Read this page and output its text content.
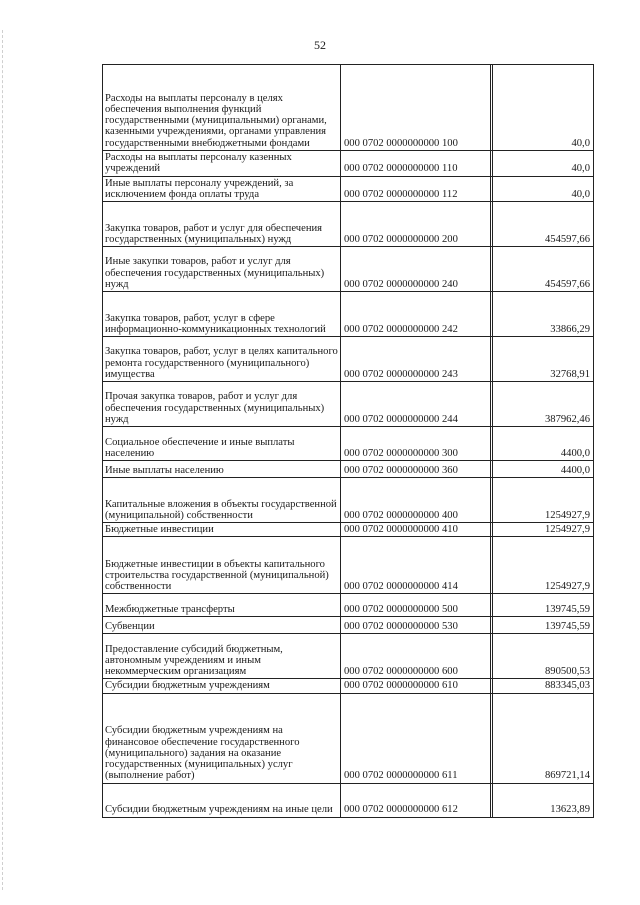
52
Расходы на выплаты персоналу в целях обеспечения выполнения функций государственными (муниципальными) органами, казенными учреждениями, органами управления государственными внебюджетными фондами	000 0702 0000000000 100		40,0
Расходы на выплаты персоналу казенных учреждений	000 0702 0000000000 110		40,0
Иные выплаты персоналу учреждений, за исключением фонда оплаты труда	000 0702 0000000000 112		40,0
Закупка товаров, работ и услуг для обеспечения государственных (муниципальных) нужд	000 0702 0000000000 200		454597,66
Иные закупки товаров, работ и услуг для обеспечения государственных (муниципальных) нужд	000 0702 0000000000 240		454597,66
Закупка товаров, работ, услуг в сфере информационно-коммуникационных технологий	000 0702 0000000000 242		33866,29
Закупка товаров, работ, услуг в целях капитального ремонта государственного (муниципального) имущества	000 0702 0000000000 243		32768,91
Прочая закупка товаров, работ и услуг для обеспечения государственных (муниципальных) нужд	000 0702 0000000000 244		387962,46
Социальное обеспечение и иные выплаты населению	000 0702 0000000000 300		4400,0
Иные выплаты населению	000 0702 0000000000 360		4400,0
Капитальные вложения в объекты государственной (муниципальной) собственности	000 0702 0000000000 400		1254927,9
Бюджетные инвестиции	000 0702 0000000000 410		1254927,9
Бюджетные инвестиции в объекты капитального строительства государственной (муниципальной) собственности	000 0702 0000000000 414		1254927,9
Межбюджетные трансферты	000 0702 0000000000 500		139745,59
Субвенции	000 0702 0000000000 530		139745,59
Предоставление субсидий бюджетным, автономным учреждениям и иным некоммерческим организациям	000 0702 0000000000 600		890500,53
Субсидии бюджетным учреждениям	000 0702 0000000000 610		883345,03
Субсидии бюджетным учреждениям на финансовое обеспечение государственного (муниципального) задания на оказание государственных (муниципальных) услуг (выполнение работ)	000 0702 0000000000 611		869721,14
Субсидии бюджетным учреждениям на иные цели	000 0702 0000000000 612		13623,89
